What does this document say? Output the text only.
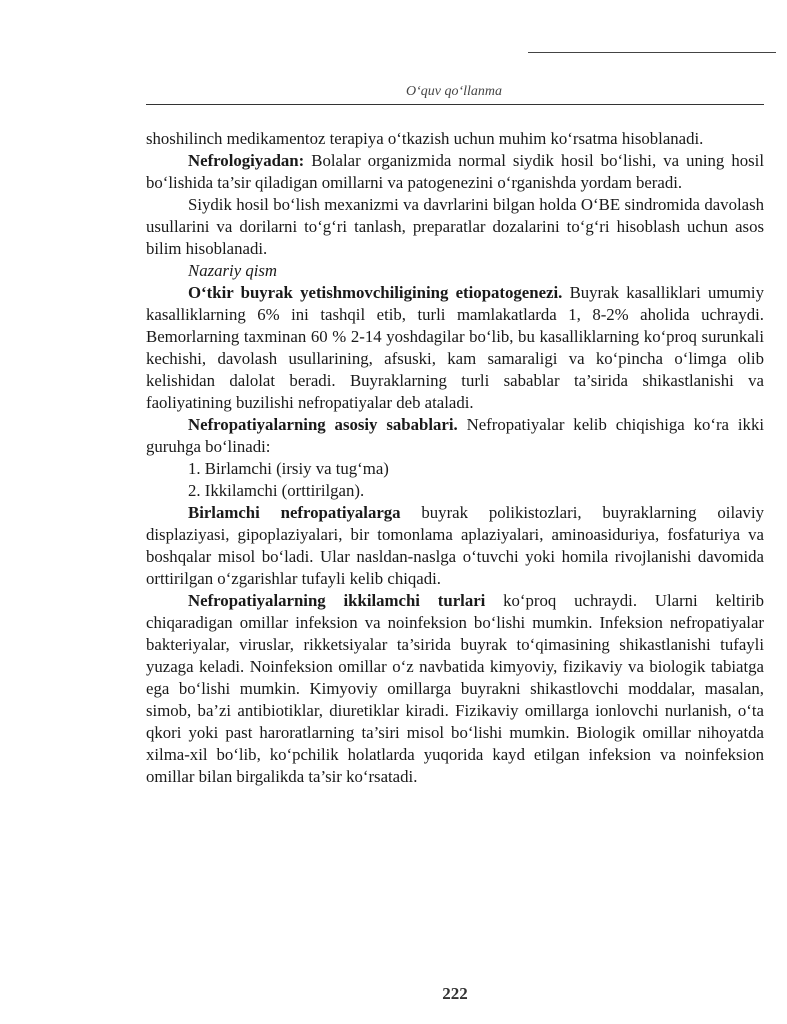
O‘quv qo‘llanma

shoshilinch medikamentoz terapiya o‘tkazish uchun muhim ko‘rsatma hisoblanadi.

Nefrologiyadan: Bolalar organizmida normal siydik hosil bo‘lishi, va uning hosil bo‘lishida ta’sir qiladigan omillarni va patogenezini o‘rganishda yordam beradi.

Siydik hosil bo‘lish mexanizmi va davrlarini bilgan holda O‘BE sindromida davolash usullarini va dorilarni to‘g‘ri tanlash, preparatlar dozalarini to‘g‘ri hisoblash uchun asos bilim hisoblanadi.

Nazariy qism

O‘tkir buyrak yetishmovchiligining etiopatogenezi. Buyrak kasalliklari umumiy kasalliklarning 6% ini tashqil etib, turli mamlakatlarda 1, 8-2% aholida uchraydi. Bemorlarning taxminan 60 % 2-14 yoshdagilar bo‘lib, bu kasalliklarning ko‘proq surunkali kechishi, davolash usullarining, afsuski, kam samaraligi va ko‘pincha o‘limga olib kelishidan dalolat beradi. Buyraklarning turli sabablar ta’sirida shikastlanishi va faoliyatining buzilishi nefropatiyalar deb ataladi.

Nefropatiyalarning asosiy sabablari. Nefropatiyalar kelib chiqishiga ko‘ra ikki guruhga bo‘linadi:

1. Birlamchi (irsiy va tug‘ma)

2. Ikkilamchi (orttirilgan).

Birlamchi nefropatiyalarga buyrak polikistozlari, buyraklarning oilaviy displaziyasi, gipoplaziyalari, bir tomonlama aplaziyalari, aminoasiduriya, fosfaturiya va boshqalar misol bo‘ladi. Ular nasldan-naslga o‘tuvchi yoki homila rivojlanishi davomida orttirilgan o‘zgarishlar tufayli kelib chiqadi.

Nefropatiyalarning ikkilamchi turlari ko‘proq uchraydi. Ularni keltirib chiqaradigan omillar infeksion va noinfeksion bo‘lishi mumkin. Infeksion nefropatiyalar bakteriyalar, viruslar, rikketsiyalar ta’sirida buyrak to‘qimasining shikastlanishi tufayli yuzaga keladi. Noinfeksion omillar o‘z navbatida kimyoviy, fizikaviy va biologik tabiatga ega bo‘lishi mumkin. Kimyoviy omillarga buyrakni shikastlovchi moddalar, masalan, simob, ba’zi antibiotiklar, diuretiklar kiradi. Fizikaviy omillarga ionlovchi nurlanish, o‘ta qkori yoki past haroratlarning ta’siri misol bo‘lishi mumkin. Biologik omillar nihoyatda xilma-xil bo‘lib, ko‘pchilik holatlarda yuqorida kayd etilgan infeksion va noinfeksion omillar bilan birgalikda ta’sir ko‘rsatadi.

222
